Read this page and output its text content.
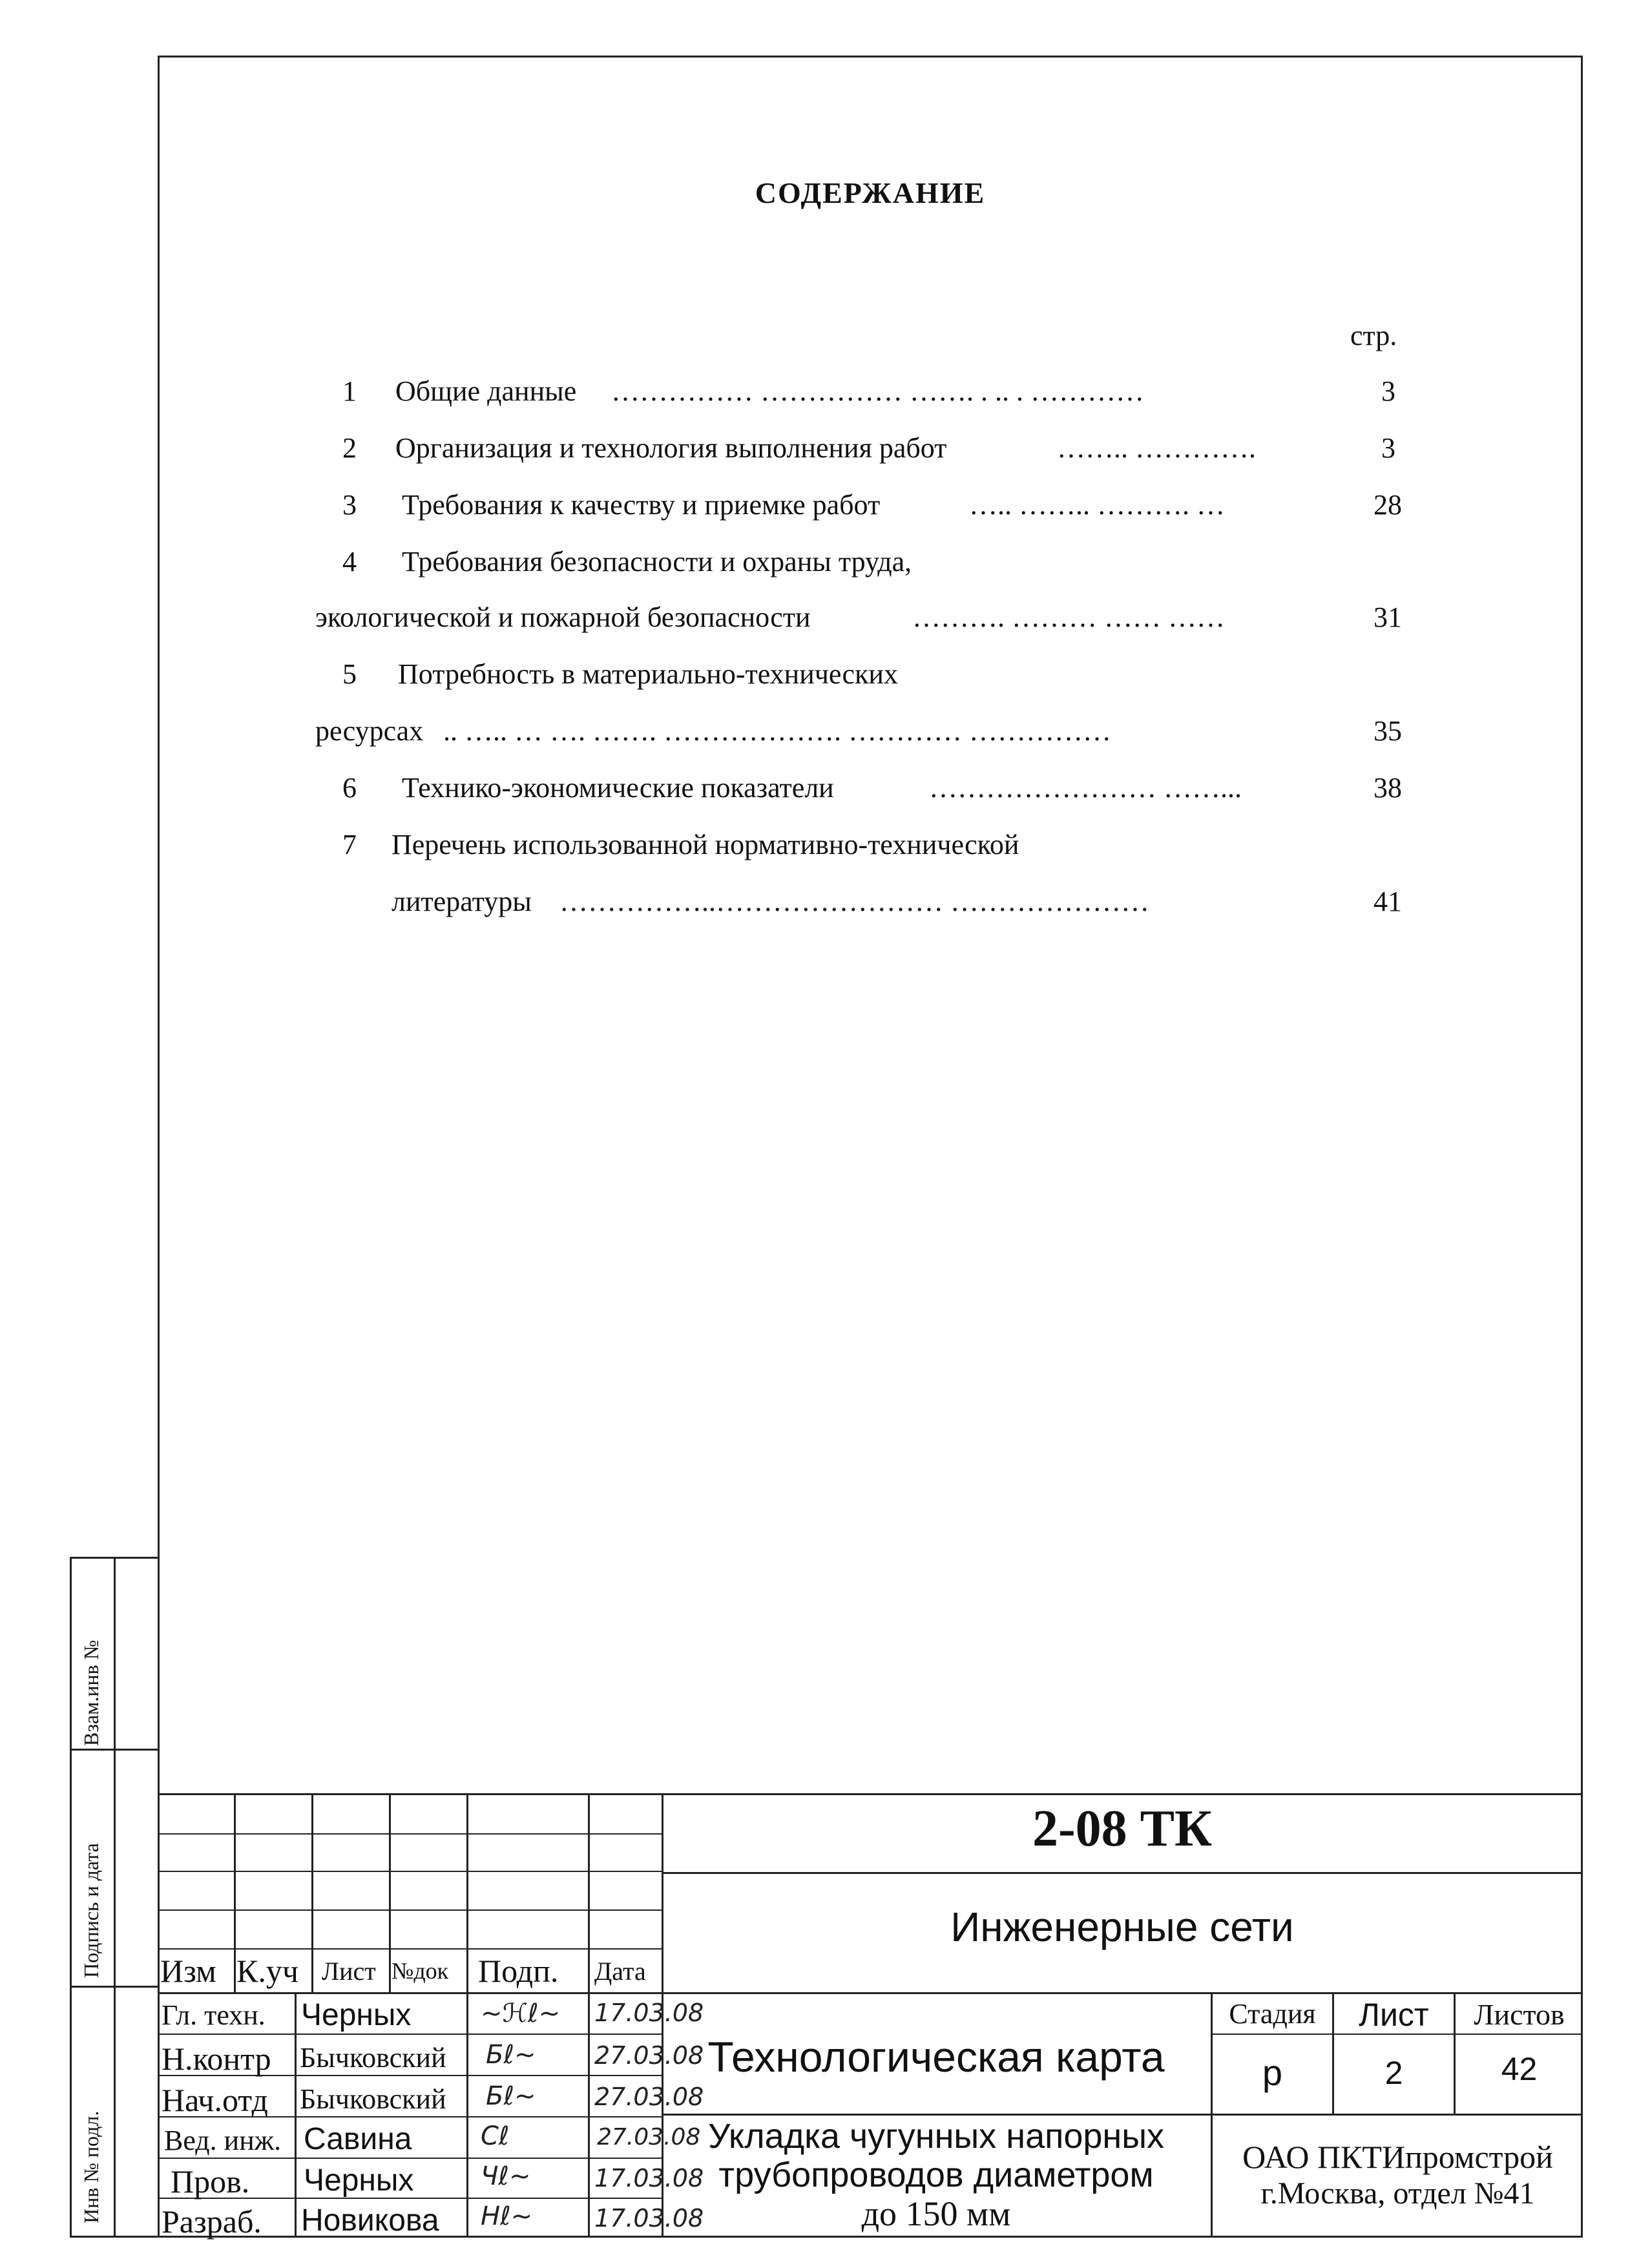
СОДЕРЖАНИЕ
стр.
1 Общие данные …………… …………… ……. . .. . …………	3
2 Организация и технология выполнения работ	…….. ………….	3
3 Требования к качеству и приемке работ	….. …….. ………. …	28
4 Требования безопасности и охраны труда,
экологической и пожарной безопасности	………. ……… …… ……	31
5 Потребность в материально-технических
ресурсах .. ….. … …. ……. ………………. ………… ……………	35
6 Технико-экономические показатели	…………………… ……...	38
7 Перечень использованной нормативно-технической
литературы ……………..…………………… …………………	41
Взам.инв №
Подпись и дата
Инв № подл.
Изм К.уч Лист №док Подп. Дата
Гл. техн. Черных	~ℋℓ~ 17.03.08
Н.контр Бычковский Бℓ~ 27.03.08
Нач.отд Бычковский Бℓ~ 27.03.08
Вед. инж. Савина	Сℓ	27.03.08
Пров. Черных	Чℓ~	17.03.08
Разраб. Новикова Нℓ~	17.03.08
2-08 ТК
Инженерные сети
Технологическая карта
Стадия	Лист	Листов
р	2	42
Укладка чугунных напорных
трубопроводов диаметром
до 150 мм
ОАО ПКТИпромстрой
г.Москва, отдел №41
